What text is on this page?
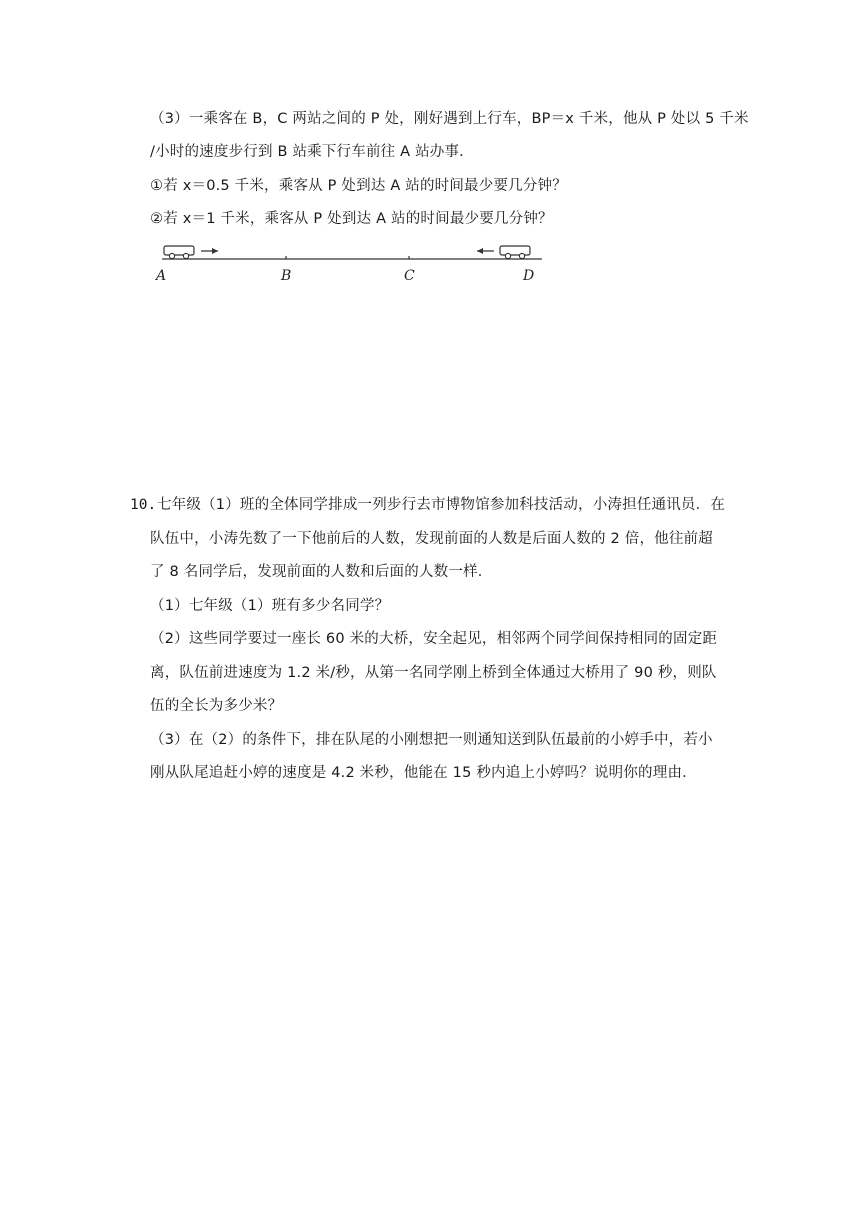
（3）一乘客在 B，C 两站之间的 P 处，刚好遇到上行车，BP＝x 千米，他从 P 处以 5 千米
/小时的速度步行到 B 站乘下行车前往 A 站办事．
①若 x＝0.5 千米，乘客从 P 处到达 A 站的时间最少要几分钟？
②若 x＝1 千米，乘客从 P 处到达 A 站的时间最少要几分钟？
A	B	C	D
10. 七年级（1）班的全体同学排成一列步行去市博物馆参加科技活动，小涛担任通讯员．在
队伍中，小涛先数了一下他前后的人数，发现前面的人数是后面人数的 2 倍，他往前超
了 8 名同学后，发现前面的人数和后面的人数一样．
（1）七年级（1）班有多少名同学？
（2）这些同学要过一座长 60 米的大桥，安全起见，相邻两个同学间保持相同的固定距
离，队伍前进速度为 1.2 米/秒，从第一名同学刚上桥到全体通过大桥用了 90 秒，则队
伍的全长为多少米？
（3）在（2）的条件下，排在队尾的小刚想把一则通知送到队伍最前的小婷手中，若小
刚从队尾追赶小婷的速度是 4.2 米秒，他能在 15 秒内追上小婷吗？说明你的理由．
